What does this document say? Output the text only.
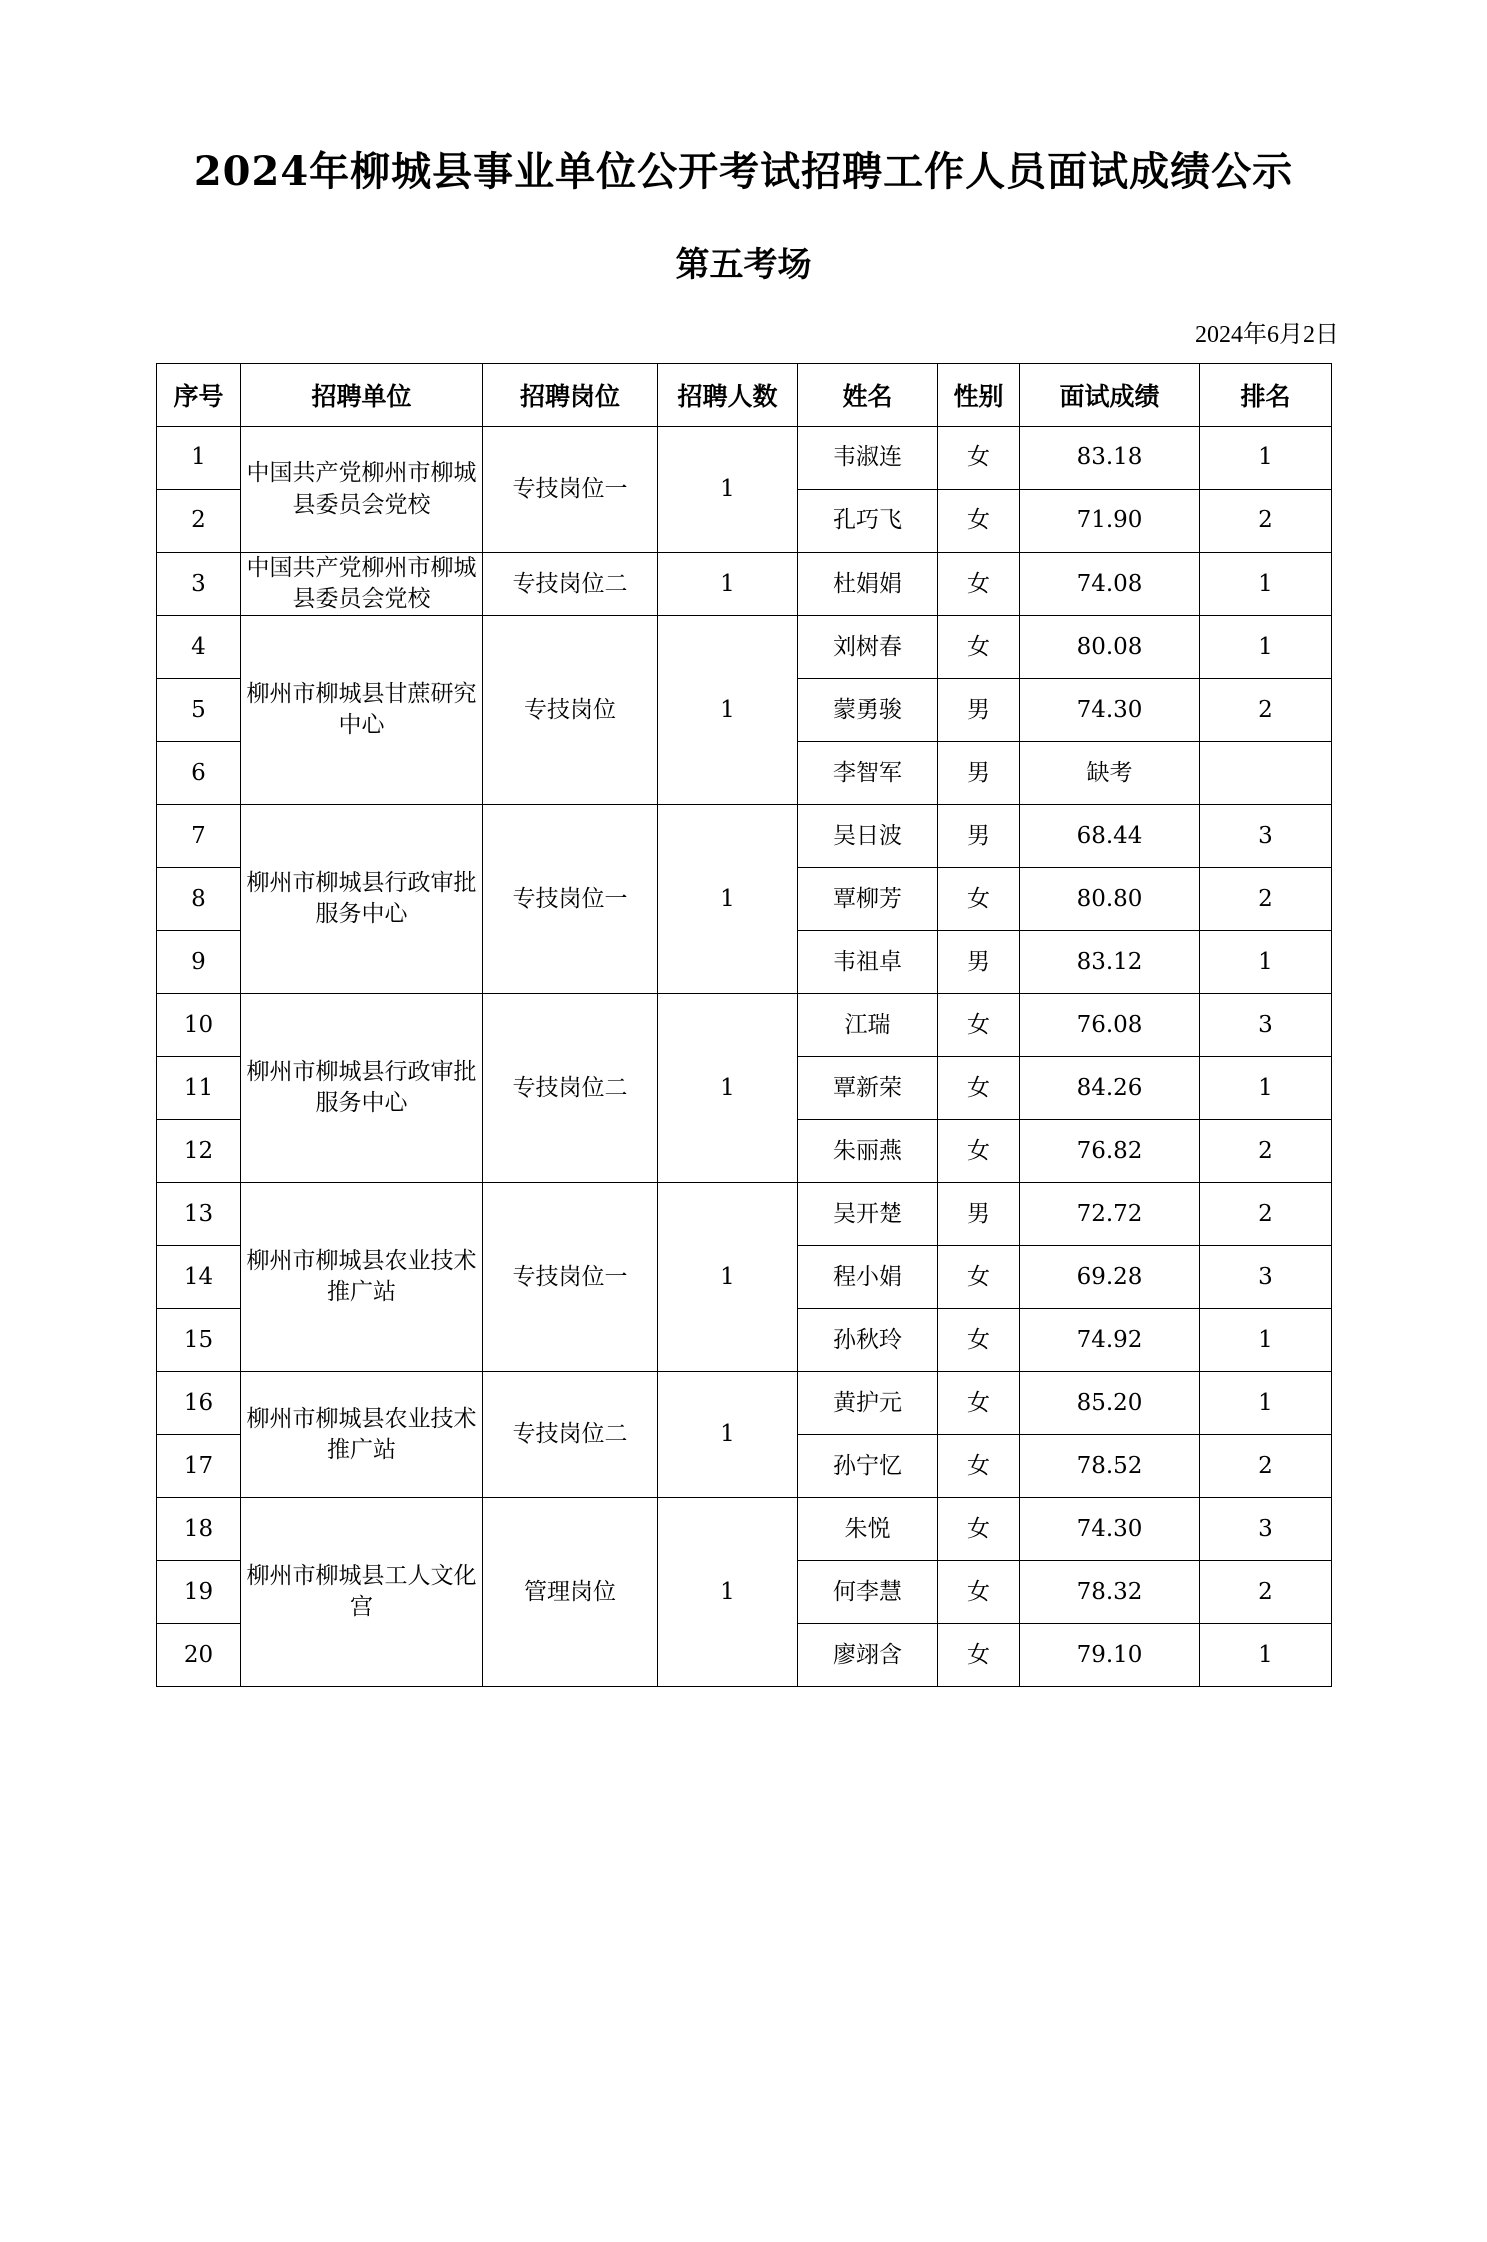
2024年柳城县事业单位公开考试招聘工作人员面试成绩公示
第五考场
2024年6月2日
序号	招聘单位	招聘岗位	招聘人数	姓名	性别	面试成绩	排名
1	中国共产党柳州市柳城县委员会党校	专技岗位一	1	韦淑连	女	83.18	1
2				孔巧飞	女	71.90	2
3	中国共产党柳州市柳城县委员会党校	专技岗位二	1	杜娟娟	女	74.08	1
4	柳州市柳城县甘蔗研究中心	专技岗位	1	刘树春	女	80.08	1
5				蒙勇骏	男	74.30	2
6				李智军	男	缺考	
7	柳州市柳城县行政审批服务中心	专技岗位一	1	吴日波	男	68.44	3
8				覃柳芳	女	80.80	2
9				韦祖卓	男	83.12	1
10	柳州市柳城县行政审批服务中心	专技岗位二	1	江瑞	女	76.08	3
11				覃新荣	女	84.26	1
12				朱丽燕	女	76.82	2
13	柳州市柳城县农业技术推广站	专技岗位一	1	吴开楚	男	72.72	2
14				程小娟	女	69.28	3
15				孙秋玲	女	74.92	1
16	柳州市柳城县农业技术推广站	专技岗位二	1	黄护元	女	85.20	1
17				孙宁忆	女	78.52	2
18	柳州市柳城县工人文化宫	管理岗位	1	朱悦	女	74.30	3
19				何李慧	女	78.32	2
20				廖翊含	女	79.10	1
